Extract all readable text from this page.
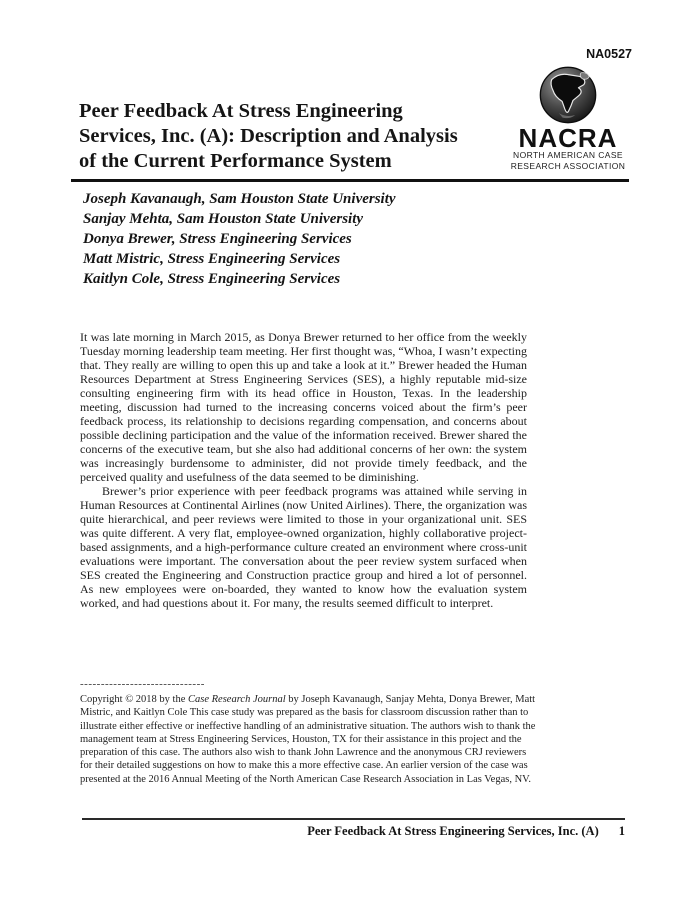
NA0527
Peer Feedback At Stress Engineering
Services, Inc. (A): Description and Analysis
of the Current Performance System
NACRA
NORTH AMERICAN CASE
RESEARCH ASSOCIATION
Joseph Kavanaugh, Sam Houston State University
Sanjay Mehta, Sam Houston State University
Donya Brewer, Stress Engineering Services
Matt Mistric, Stress Engineering Services
Kaitlyn Cole, Stress Engineering Services

It was late morning in March 2015, as Donya Brewer returned to her office from the weekly Tuesday morning leadership team meeting. Her first thought was, “Whoa, I wasn’t expecting that. They really are willing to open this up and take a look at it.” Brewer headed the Human Resources Department at Stress Engineering Services (SES), a highly reputable mid-size consulting engineering firm with its head office in Houston, Texas. In the leadership meeting, discussion had turned to the increasing concerns voiced about the firm’s peer feedback process, its relationship to decisions regarding compensation, and concerns about possible declining participation and the value of the information received. Brewer shared the concerns of the executive team, but she also had additional concerns of her own: the system was increasingly burdensome to administer, did not provide timely feedback, and the perceived quality and usefulness of the data seemed to be diminishing.

Brewer’s prior experience with peer feedback programs was attained while serving in Human Resources at Continental Airlines (now United Airlines). There, the organization was quite hierarchical, and peer reviews were limited to those in your organizational unit. SES was quite different. A very flat, employee-owned organization, highly collaborative project-based assignments, and a high-performance culture created an environment where cross-unit evaluations were important. The conversation about the peer review system surfaced when SES created the Engineering and Construction practice group and hired a lot of personnel. As new employees were on-boarded, they wanted to know how the evaluation system worked, and had questions about it. For many, the results seemed difficult to interpret.

------------------------------
Copyright © 2018 by the Case Research Journal by Joseph Kavanaugh, Sanjay Mehta, Donya Brewer, Matt Mistric, and Kaitlyn Cole This case study was prepared as the basis for classroom discussion rather than to illustrate either effective or ineffective handling of an administrative situation. The authors wish to thank the management team at Stress Engineering Services, Houston, TX for their assistance in this project and the preparation of this case. The authors also wish to thank John Lawrence and the anonymous CRJ reviewers for their detailed suggestions on how to make this a more effective case. An earlier version of the case was presented at the 2016 Annual Meeting of the North American Case Research Association in Las Vegas, NV.
Peer Feedback At Stress Engineering Services, Inc. (A) 1
